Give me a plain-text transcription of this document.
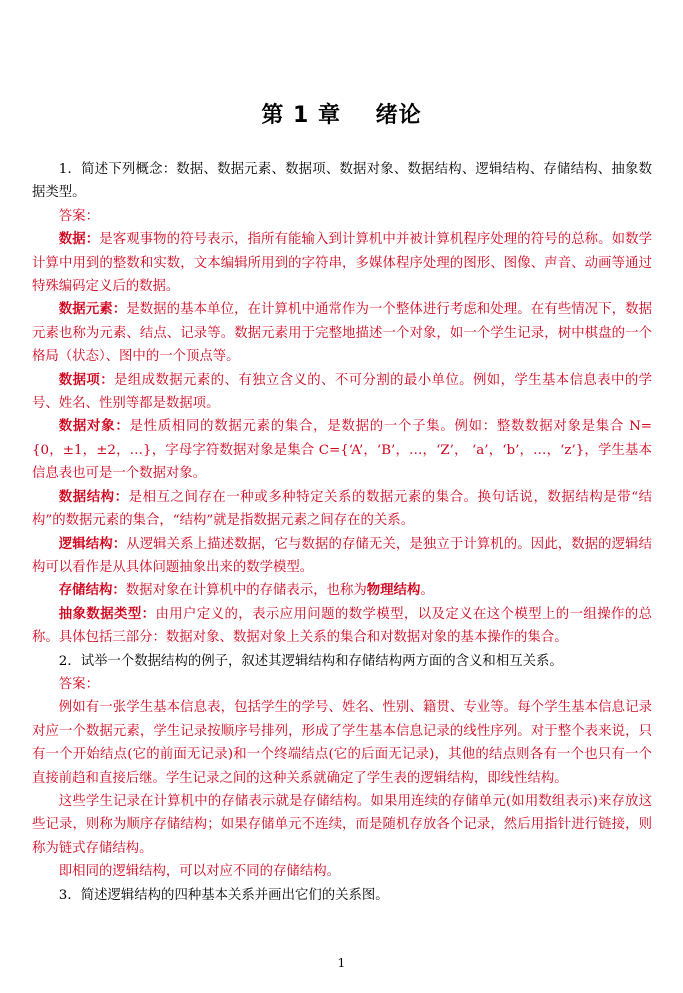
第 1 章    绪论

1．简述下列概念：数据、数据元素、数据项、数据对象、数据结构、逻辑结构、存储结构、抽象数据类型。

答案：

数据：是客观事物的符号表示，指所有能输入到计算机中并被计算机程序处理的符号的总称。如数学计算中用到的整数和实数，文本编辑所用到的字符串，多媒体程序处理的图形、图像、声音、动画等通过特殊编码定义后的数据。

数据元素：是数据的基本单位，在计算机中通常作为一个整体进行考虑和处理。在有些情况下，数据元素也称为元素、结点、记录等。数据元素用于完整地描述一个对象，如一个学生记录，树中棋盘的一个格局（状态）、图中的一个顶点等。

数据项：是组成数据元素的、有独立含义的、不可分割的最小单位。例如，学生基本信息表中的学号、姓名、性别等都是数据项。

数据对象：是性质相同的数据元素的集合，是数据的一个子集。例如：整数数据对象是集合 N={0，±1，±2，…}，字母字符数据对象是集合 C={‘A’，‘B’，…，‘Z’， ‘a’，‘b’，…，‘z’}，学生基本信息表也可是一个数据对象。

数据结构：是相互之间存在一种或多种特定关系的数据元素的集合。换句话说，数据结构是带“结构”的数据元素的集合，“结构”就是指数据元素之间存在的关系。

逻辑结构：从逻辑关系上描述数据，它与数据的存储无关，是独立于计算机的。因此，数据的逻辑结构可以看作是从具体问题抽象出来的数学模型。

存储结构：数据对象在计算机中的存储表示，也称为物理结构。

抽象数据类型：由用户定义的，表示应用问题的数学模型，以及定义在这个模型上的一组操作的总称。具体包括三部分：数据对象、数据对象上关系的集合和对数据对象的基本操作的集合。

2．试举一个数据结构的例子，叙述其逻辑结构和存储结构两方面的含义和相互关系。

答案：

例如有一张学生基本信息表，包括学生的学号、姓名、性别、籍贯、专业等。每个学生基本信息记录对应一个数据元素，学生记录按顺序号排列，形成了学生基本信息记录的线性序列。对于整个表来说，只有一个开始结点(它的前面无记录)和一个终端结点(它的后面无记录)，其他的结点则各有一个也只有一个直接前趋和直接后继。学生记录之间的这种关系就确定了学生表的逻辑结构，即线性结构。

这些学生记录在计算机中的存储表示就是存储结构。如果用连续的存储单元(如用数组表示)来存放这些记录，则称为顺序存储结构；如果存储单元不连续，而是随机存放各个记录，然后用指针进行链接，则称为链式存储结构。

即相同的逻辑结构，可以对应不同的存储结构。

3．简述逻辑结构的四种基本关系并画出它们的关系图。

1
